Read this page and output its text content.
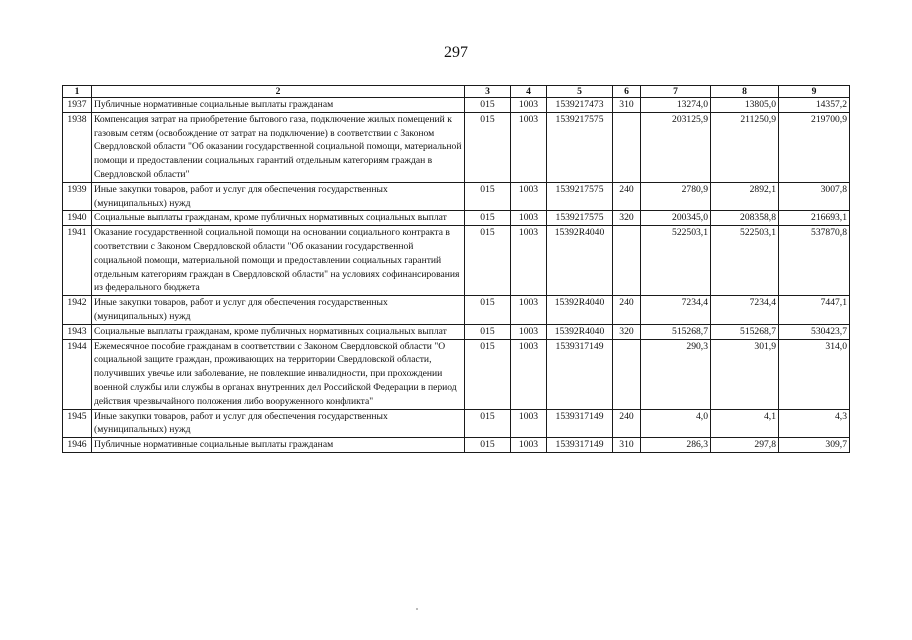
297
1	2	3	4	5	6	7	8	9
1937	Публичные нормативные социальные выплаты гражданам	015	1003	1539217473	310	13274,0	13805,0	14357,2
1938	Компенсация затрат на приобретение бытового газа, подключение жилых помещений к газовым сетям (освобождение от затрат на подключение) в соответствии с Законом Свердловской области "Об оказании государственной социальной помощи, материальной помощи и предоставлении социальных гарантий отдельным категориям граждан в Свердловской области"	015	1003	1539217575		203125,9	211250,9	219700,9
1939	Иные закупки товаров, работ и услуг для обеспечения государственных (муниципальных) нужд	015	1003	1539217575	240	2780,9	2892,1	3007,8
1940	Социальные выплаты гражданам, кроме публичных нормативных социальных выплат	015	1003	1539217575	320	200345,0	208358,8	216693,1
1941	Оказание государственной социальной помощи на основании социального контракта в соответствии с Законом Свердловской области "Об оказании государственной социальной помощи, материальной помощи и предоставлении социальных гарантий отдельным категориям граждан в Свердловской области" на условиях софинансирования из федерального бюджета	015	1003	15392R4040		522503,1	522503,1	537870,8
1942	Иные закупки товаров, работ и услуг для обеспечения государственных (муниципальных) нужд	015	1003	15392R4040	240	7234,4	7234,4	7447,1
1943	Социальные выплаты гражданам, кроме публичных нормативных социальных выплат	015	1003	15392R4040	320	515268,7	515268,7	530423,7
1944	Ежемесячное пособие гражданам в соответствии с Законом Свердловской области "О социальной защите граждан, проживающих на территории Свердловской области, получивших увечье или заболевание, не повлекшие инвалидности, при прохождении военной службы или службы в органах внутренних дел Российской Федерации в период действия чрезвычайного положения либо вооруженного конфликта"	015	1003	1539317149		290,3	301,9	314,0
1945	Иные закупки товаров, работ и услуг для обеспечения государственных (муниципальных) нужд	015	1003	1539317149	240	4,0	4,1	4,3
1946	Публичные нормативные социальные выплаты гражданам	015	1003	1539317149	310	286,3	297,8	309,7
